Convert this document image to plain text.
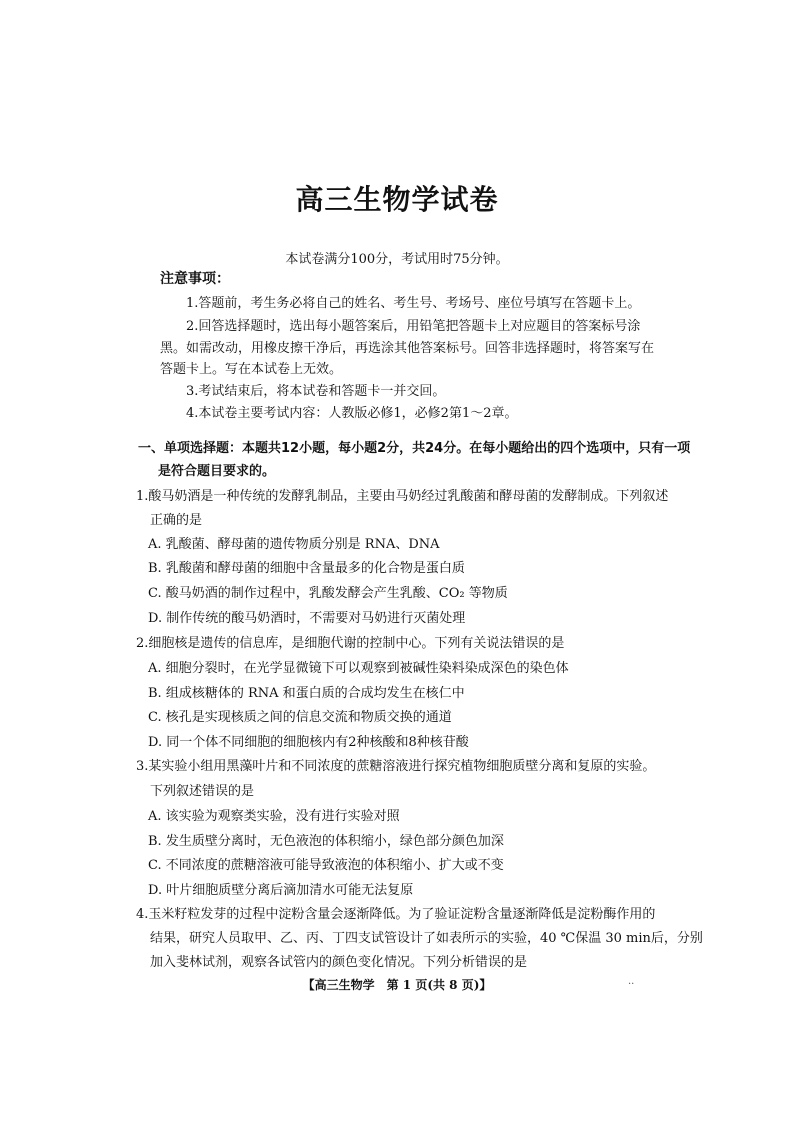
高三生物学试卷
本试卷满分100分，考试用时75分钟。
注意事项：
1.答题前，考生务必将自己的姓名、考生号、考场号、座位号填写在答题卡上。
2.回答选择题时，选出每小题答案后，用铅笔把答题卡上对应题目的答案标号涂
黑。如需改动，用橡皮擦干净后，再选涂其他答案标号。回答非选择题时，将答案写在
答题卡上。写在本试卷上无效。
3.考试结束后，将本试卷和答题卡一并交回。
4.本试卷主要考试内容：人教版必修1，必修2第1～2章。
一、单项选择题：本题共12小题，每小题2分，共24分。在每小题给出的四个选项中，只有一项
是符合题目要求的。
1.酸马奶酒是一种传统的发酵乳制品，主要由马奶经过乳酸菌和酵母菌的发酵制成。下列叙述
正确的是
A. 乳酸菌、酵母菌的遗传物质分别是 RNA、DNA
B. 乳酸菌和酵母菌的细胞中含量最多的化合物是蛋白质
C. 酸马奶酒的制作过程中，乳酸发酵会产生乳酸、CO₂ 等物质
D. 制作传统的酸马奶酒时，不需要对马奶进行灭菌处理
2.细胞核是遗传的信息库，是细胞代谢的控制中心。下列有关说法错误的是
A. 细胞分裂时，在光学显微镜下可以观察到被碱性染料染成深色的染色体
B. 组成核糖体的 RNA 和蛋白质的合成均发生在核仁中
C. 核孔是实现核质之间的信息交流和物质交换的通道
D. 同一个体不同细胞的细胞核内有2种核酸和8种核苷酸
3.某实验小组用黑藻叶片和不同浓度的蔗糖溶液进行探究植物细胞质壁分离和复原的实验。
下列叙述错误的是
A. 该实验为观察类实验，没有进行实验对照
B. 发生质壁分离时，无色液泡的体积缩小，绿色部分颜色加深
C. 不同浓度的蔗糖溶液可能导致液泡的体积缩小、扩大或不变
D. 叶片细胞质壁分离后滴加清水可能无法复原
4.玉米籽粒发芽的过程中淀粉含量会逐渐降低。为了验证淀粉含量逐渐降低是淀粉酶作用的
结果，研究人员取甲、乙、丙、丁四支试管设计了如表所示的实验，40 ℃保温 30 min后，分别
加入斐林试剂，观察各试管内的颜色变化情况。下列分析错误的是
【高三生物学　第 1 页(共 8 页)】	..
